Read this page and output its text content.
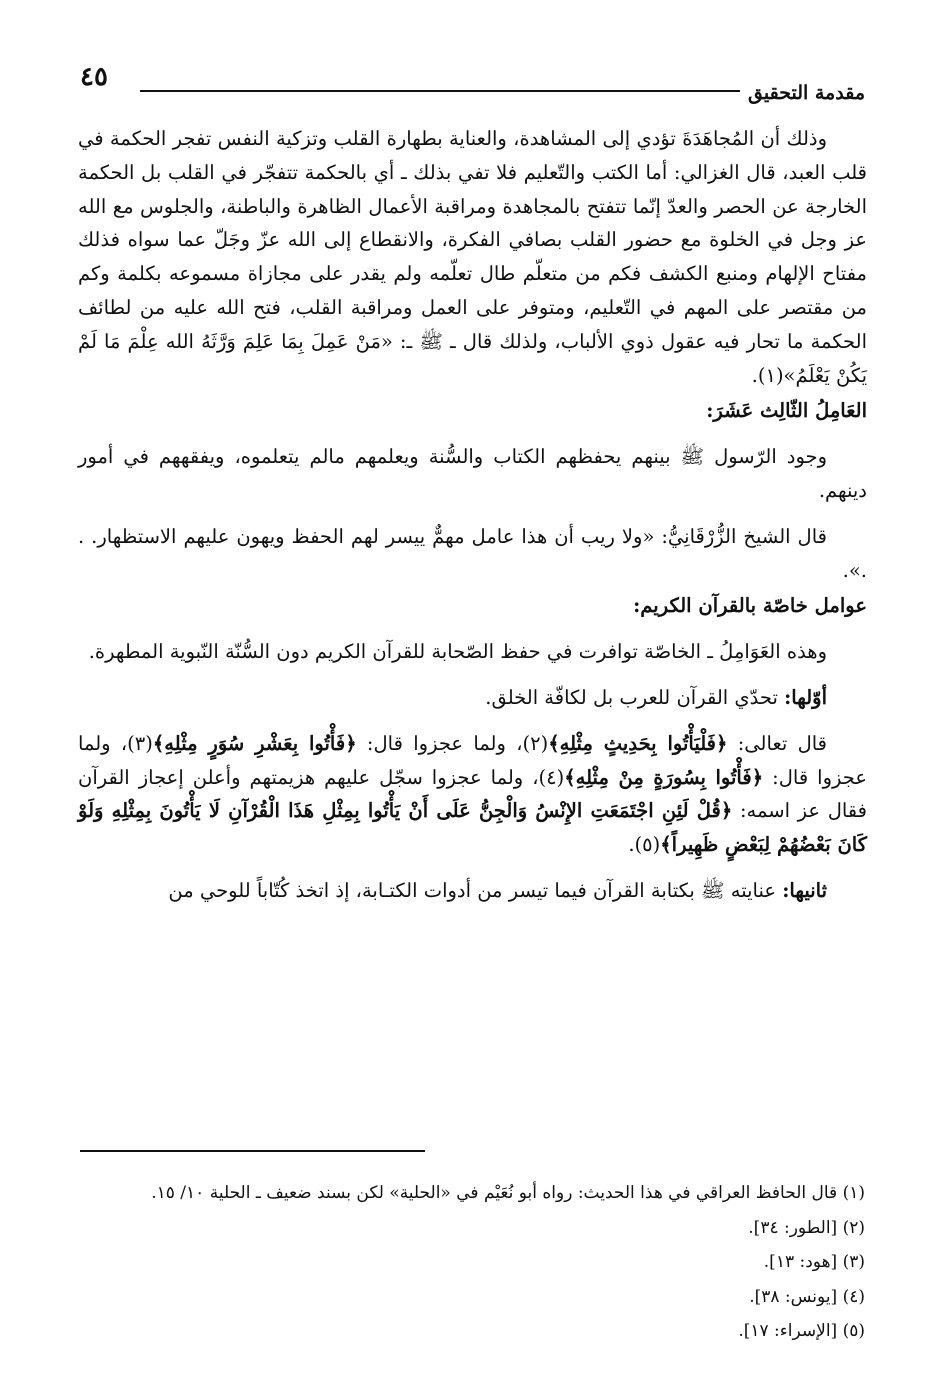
مقدمة التحقيق
٤٥

وذلك أن المُجاهَدَةَ تؤدي إلى المشاهدة، والعناية بطهارة القلب وتزكية النفس تفجر الحكمة في قلب العبد، قال الغزالي: أما الكتب والتّعليم فلا تفي بذلك ـ أي بالحكمة تتفجّر في القلب بل الحكمة الخارجة عن الحصر والعدّ إنّما تتفتح بالمجاهدة ومراقبة الأعمال الظاهرة والباطنة، والجلوس مع الله عز وجل في الخلوة مع حضور القلب بصافي الفكرة، والانقطاع إلى الله عزّ وجَلّ عما سواه فذلك مفتاح الإلهام ومنبع الكشف فكم من متعلّم طال تعلّمه ولم يقدر على مجازاة مسموعه بكلمة وكم من مقتصر على المهم في التّعليم، ومتوفر على العمل ومراقبة القلب، فتح الله عليه من لطائف الحكمة ما تحار فيه عقول ذوي الألباب، ولذلك قال ـ ﷺ ـ: «مَنْ عَمِلَ بِمَا عَلِمَ وَرَّثَهُ الله عِلْمَ مَا لَمْ يَكُنْ يَعْلَمُ»(١).

العَامِلُ الثّالِث عَشَرَ:

وجود الرّسول ﷺ بينهم يحفظهم الكتاب والسُّنة ويعلمهم مالم يتعلموه، ويفقههم في أمور دينهم.

قال الشيخ الزُّرْقَانِيُّ: «ولا ريب أن هذا عامل مهمٌّ ييسر لهم الحفظ ويهون عليهم الاستظهار. . .».

عوامل خاصّة بالقرآن الكريم:

وهذه العَوَامِلُ ـ الخاصّة توافرت في حفظ الصّحابة للقرآن الكريم دون السُّنّة النّبوية المطهرة.

أوّلها: تحدّي القرآن للعرب بل لكافّة الخلق.

قال تعالى: ﴿فَلْيَأْتُوا بِحَدِيثٍ مِثْلِهِ﴾(٢)، ولما عجزوا قال: ﴿فَأْتُوا بِعَشْرِ سُوَرٍ مِثْلِهِ﴾(٣)، ولما عجزوا قال: ﴿فَأْتُوا بِسُورَةٍ مِنْ مِثْلِهِ﴾(٤)، ولما عجزوا سجّل عليهم هزيمتهم وأعلن إعجاز القرآن فقال عز اسمه: ﴿قُلْ لَئِنِ اجْتَمَعَتِ الإِنْسُ وَالْجِنُّ عَلَى أَنْ يَأْتُوا بِمِثْلِ هَذَا الْقُرْآنِ لَا يَأْتُونَ بِمِثْلِهِ وَلَوْ كَانَ بَعْضُهُمْ لِبَعْضٍ ظَهِيراً﴾(٥).

ثانيها: عنايته ﷺ بكتابة القرآن فيما تيسر من أدوات الكتـابة، إذ اتخذ كُتّاباً للوحي من

(١) قال الحافظ العراقي في هذا الحديث: رواه أبو نُعَيْم في «الحلية» لكن بسند ضعيف ـ الحلية ١٠/ ١٥.

(٢) [الطور: ٣٤].

(٣) [هود: ١٣].

(٤) [يونس: ٣٨].

(٥) [الإسراء: ١٧].
